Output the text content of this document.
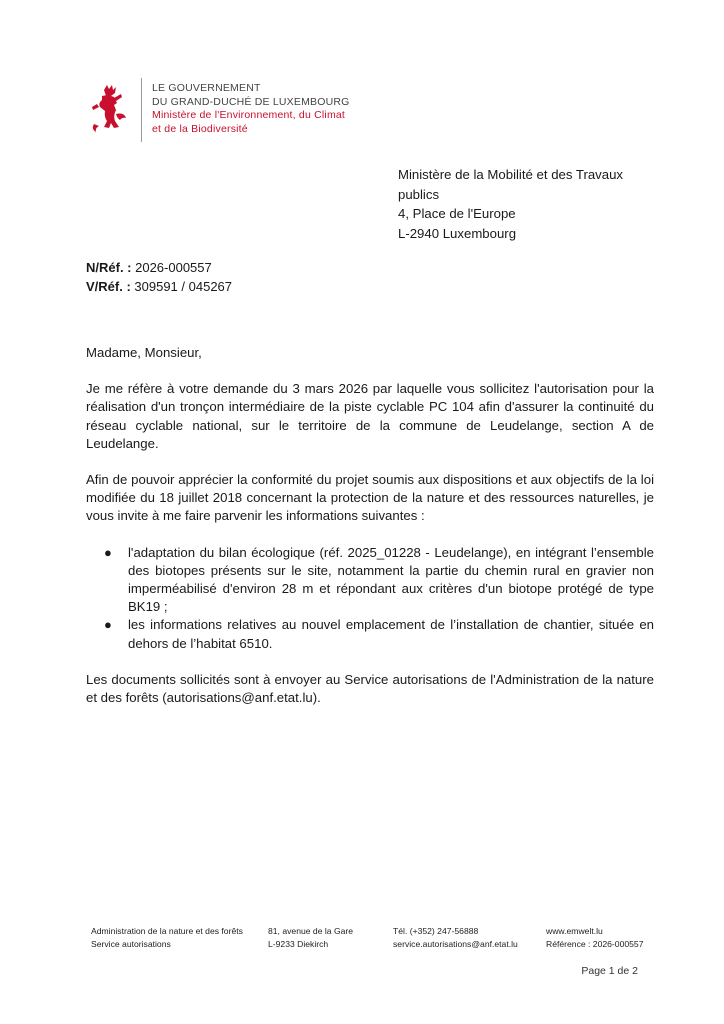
LE GOUVERNEMENT
DU GRAND-DUCHÉ DE LUXEMBOURG
Ministère de l'Environnement, du Climat
et de la Biodiversité
Ministère de la Mobilité et des Travaux
publics
4, Place de l'Europe
L-2940 Luxembourg
N/Réf. : 2026-000557
V/Réf. : 309591 / 045267

Madame, Monsieur,

Je me réfère à votre demande du 3 mars 2026 par laquelle vous sollicitez l'autorisation pour la réalisation d'un tronçon intermédiaire de la piste cyclable PC 104 afin d'assurer la continuité du réseau cyclable national, sur le territoire de la commune de Leudelange, section A de Leudelange.

Afin de pouvoir apprécier la conformité du projet soumis aux dispositions et aux objectifs de la loi modifiée du 18 juillet 2018 concernant la protection de la nature et des ressources naturelles, je vous invite à me faire parvenir les informations suivantes :

● l'adaptation du bilan écologique (réf. 2025_01228 - Leudelange), en intégrant l’ensemble des biotopes présents sur le site, notamment la partie du chemin rural en gravier non imperméabilisé d'environ 28 m et répondant aux critères d'un biotope protégé de type BK19 ;
● les informations relatives au nouvel emplacement de l’installation de chantier, située en dehors de l’habitat 6510.

Les documents sollicités sont à envoyer au Service autorisations de l'Administration de la nature et des forêts (autorisations@anf.etat.lu).

Administration de la nature et des forêts
Service autorisations
81, avenue de la Gare
L-9233 Diekirch
Tél. (+352) 247-56888
service.autorisations@anf.etat.lu
www.emwelt.lu
Référence : 2026-000557
Page 1 de 2
